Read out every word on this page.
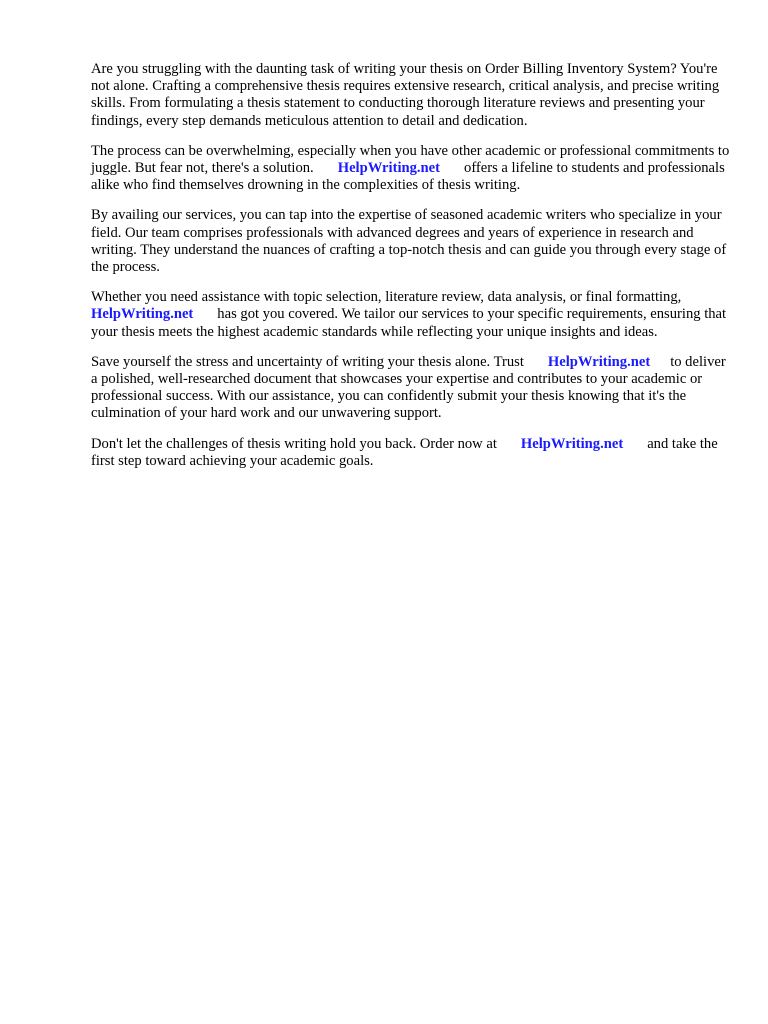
Are you struggling with the daunting task of writing your thesis on Order Billing Inventory System? You're not alone. Crafting a comprehensive thesis requires extensive research, critical analysis, and precise writing skills. From formulating a thesis statement to conducting thorough literature reviews and presenting your findings, every step demands meticulous attention to detail and dedication.

The process can be overwhelming, especially when you have other academic or professional commitments to juggle. But fear not, there's a solution. HelpWriting.net offers a lifeline to students and professionals alike who find themselves drowning in the complexities of thesis writing.

By availing our services, you can tap into the expertise of seasoned academic writers who specialize in your field. Our team comprises professionals with advanced degrees and years of experience in research and writing. They understand the nuances of crafting a top-notch thesis and can guide you through every stage of the process.

Whether you need assistance with topic selection, literature review, data analysis, or final formatting,HelpWriting.net has got you covered. We tailor our services to your specific requirements, ensuring that your thesis meets the highest academic standards while reflecting your unique insights and ideas.

Save yourself the stress and uncertainty of writing your thesis alone. Trust HelpWriting.net to deliver a polished, well-researched document that showcases your expertise and contributes to your academic or professional success. With our assistance, you can confidently submit your thesis knowing that it's the culmination of your hard work and our unwavering support.

Don't let the challenges of thesis writing hold you back. Order now at HelpWriting.net and take the first step toward achieving your academic goals.
